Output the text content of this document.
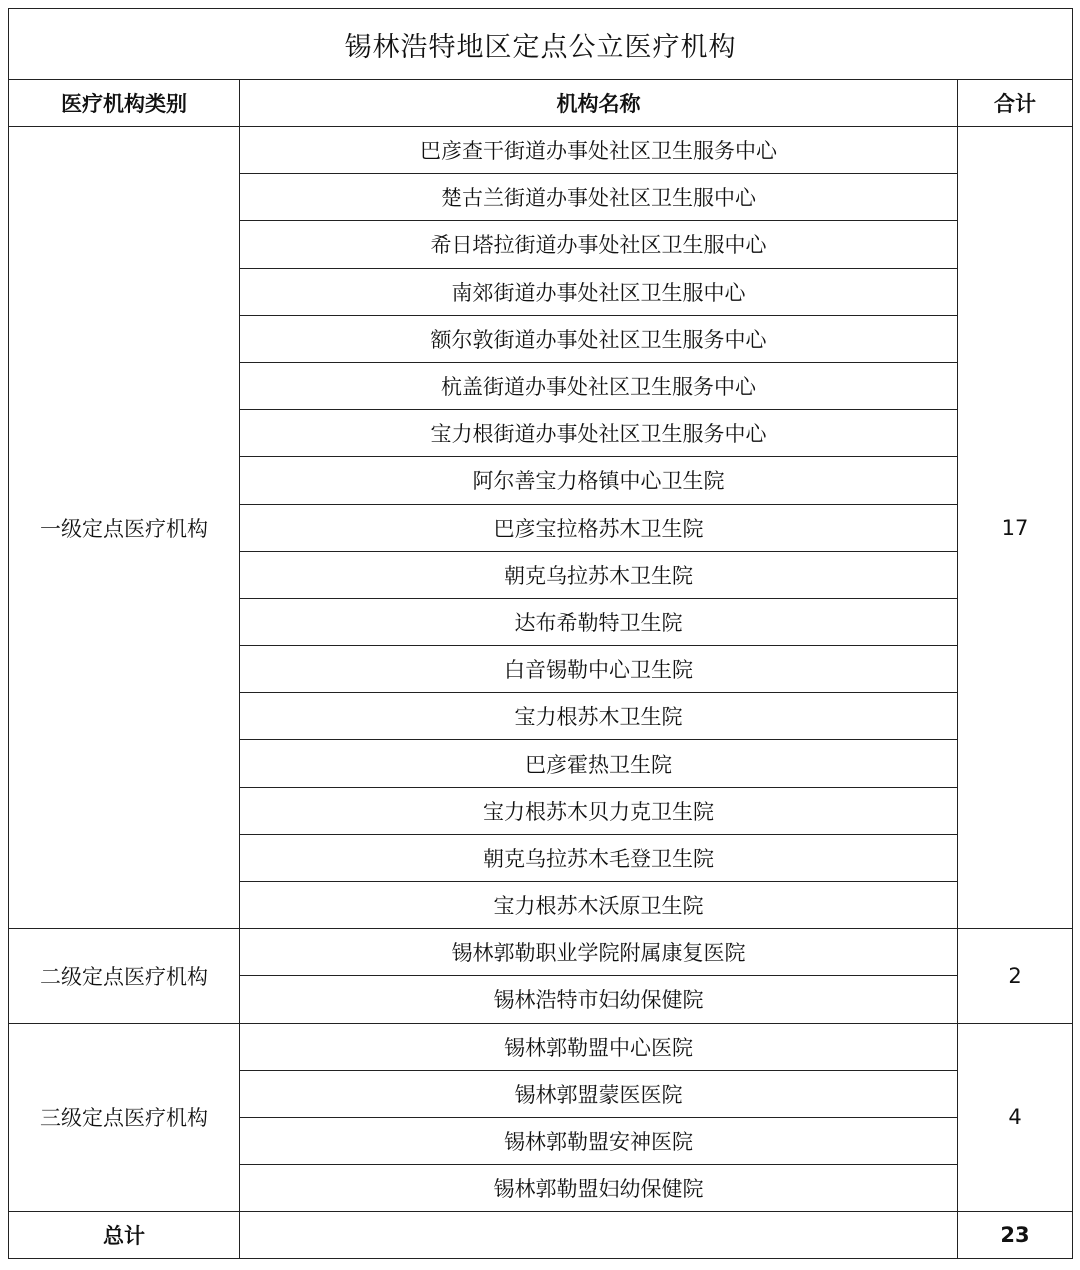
锡林浩特地区定点公立医疗机构		
医疗机构类别	机构名称	合计
一级定点医疗机构	巴彦查干街道办事处社区卫生服务中心	17
	楚古兰街道办事处社区卫生服中心	
	希日塔拉街道办事处社区卫生服中心	
	南郊街道办事处社区卫生服中心	
	额尔敦街道办事处社区卫生服务中心	
	杭盖街道办事处社区卫生服务中心	
	宝力根街道办事处社区卫生服务中心	
	阿尔善宝力格镇中心卫生院	
	巴彦宝拉格苏木卫生院	
	朝克乌拉苏木卫生院	
	达布希勒特卫生院	
	白音锡勒中心卫生院	
	宝力根苏木卫生院	
	巴彦霍热卫生院	
	宝力根苏木贝力克卫生院	
	朝克乌拉苏木毛登卫生院	
	宝力根苏木沃原卫生院	
二级定点医疗机构	锡林郭勒职业学院附属康复医院	2
	锡林浩特市妇幼保健院	
三级定点医疗机构	锡林郭勒盟中心医院	4
	锡林郭盟蒙医医院	
	锡林郭勒盟安神医院	
	锡林郭勒盟妇幼保健院	
总计		23
